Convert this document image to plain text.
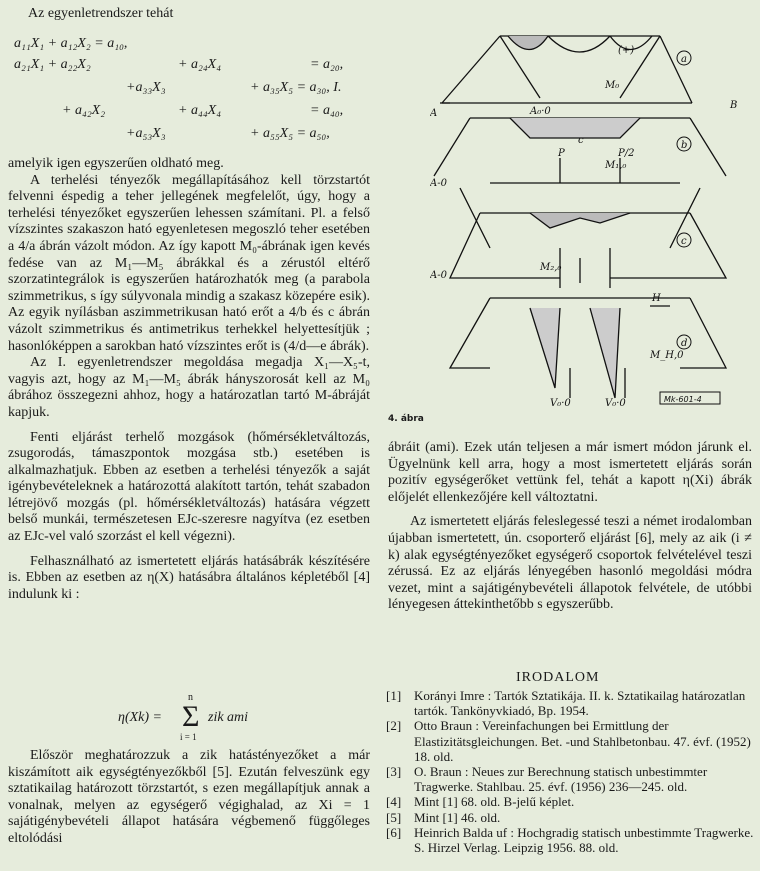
Az egyenletrendszer tehát
a₁₁X₁ + a₁₂X₂ = a₁₀,
a₂₁X₁ + a₂₂X₂	+ a₂₄X₄	= a₂₀,
+a₃₃X₃	+ a₃₅X₅ = a₃₀, I.
+ a₄₂X₂	+ a₄₄X₄	= a₄₀,
+a₅₃X₃	+ a₅₅X₅ = a₅₀,

amelyik igen egyszerűen oldható meg.

A terhelési tényezők megállapításához kell törzstartót felvenni éspedig a teher jellegének megfelelőt, úgy, hogy a terhelési tényezőket egyszerűen lehessen számítani. Pl. a felső vízszintes szakaszon ható egyenletesen megoszló teher esetében a 4/a ábrán vázolt módon. Az így kapott M₀-ábrának igen kevés fedése van az M₁—M₅ ábrákkal és a zérustól eltérő szorzatintegrálok is egyszerűen határozhatók meg (a parabola szimmetrikus, s így súlyvonala mindig a szakasz közepére esik). Az egyik nyílásban aszimmetrikusan ható erőt a 4/b és c ábrán vázolt szimmetrikus és antimetrikus terhekkel helyettesítjük ; hasonlóképpen a sarokban ható vízszintes erőt is (4/d—e ábrák).

Az I. egyenletrendszer megoldása megadja X₁—X₅-t, vagyis azt, hogy az M₁—M₅ ábrák hányszorosát kell az M₀ ábrához összegezni ahhoz, hogy a határozatlan tartó M-ábráját kapjuk.

Fenti eljárást terhelő mozgások (hőmérsékletváltozás, zsugorodás, támaszpontok mozgása stb.) esetében is alkalmazhatjuk. Ebben az esetben a terhelési tényezők a saját igénybevételeknek a határozottá alakított tartón, tehát szabadon létrejövő mozgás (pl. hőmérsékletváltozás) hatására végzett belső munkái, természetesen EJc-szeresre nagyítva (ez esetben az EJc-vel való szorzást el kell végezni).

Felhasználható az ismertetett eljárás hatásábrák készítésére is. Ebben az esetben az η(X) hatásábra általános képletéből [4] indulunk ki :

η(Xk) =
n
Σ
i = 1
zik ami

Először meghatározzuk a zik hatástényezőket a már kiszámított aik egységtényezőkből [5]. Ezután felveszünk egy sztatikailag határozott törzstartót, s ezen megállapítjuk annak a vonalnak, melyen az egységerő végighalad, az Xi = 1 sajátigénybevételi állapot hatására végbemenő függőleges eltolódási

a
b
c
d
M₀
M₁,₀
M₂,₀
M_H,0
A
B
A₀·0
A-0
A-0
V₀·0	V₀·0
H
P	P/2
c
(+)
Mk-601-4
4. ábra

ábráit (ami). Ezek után teljesen a már ismert módon járunk el. Ügyelnünk kell arra, hogy a most ismertetett eljárás során pozitív egységerőket vettünk fel, tehát a kapott η(Xi) ábrák előjelét ellenkezőjére kell változtatni.

Az ismertetett eljárás feleslegessé teszi a német irodalomban újabban ismertetett, ún. csoporterő eljárást [6], mely az aik (i ≠ k) alak egységtényezőket egységerő csoportok felvételével teszi zérussá. Ez az eljárás lényegében hasonló megoldási módra vezet, mint a sajátigénybevételi állapotok felvétele, de utóbbi lényegesen áttekinthetőbb s egyszerűbb.

IRODALOM
[1] Korányi Imre : Tartók Sztatikája. II. k. Sztatikailag határozatlan tartók. Tankönyvkiadó, Bp. 1954.
[2] Otto Braun : Vereinfachungen bei Ermittlung der Elastizitätsgleichungen. Bet. -und Stahlbetonbau. 47. évf. (1952) 18. old.
[3] O. Braun : Neues zur Berechnung statisch unbestimmter Tragwerke. Stahlbau. 25. évf. (1956) 236—245. old.
[4] Mint [1] 68. old. B-jelű képlet.
[5] Mint [1] 46. old.
[6] Heinrich Balda uf : Hochgradig statisch unbestimmte Tragwerke. S. Hirzel Verlag. Leipzig 1956. 88. old.
